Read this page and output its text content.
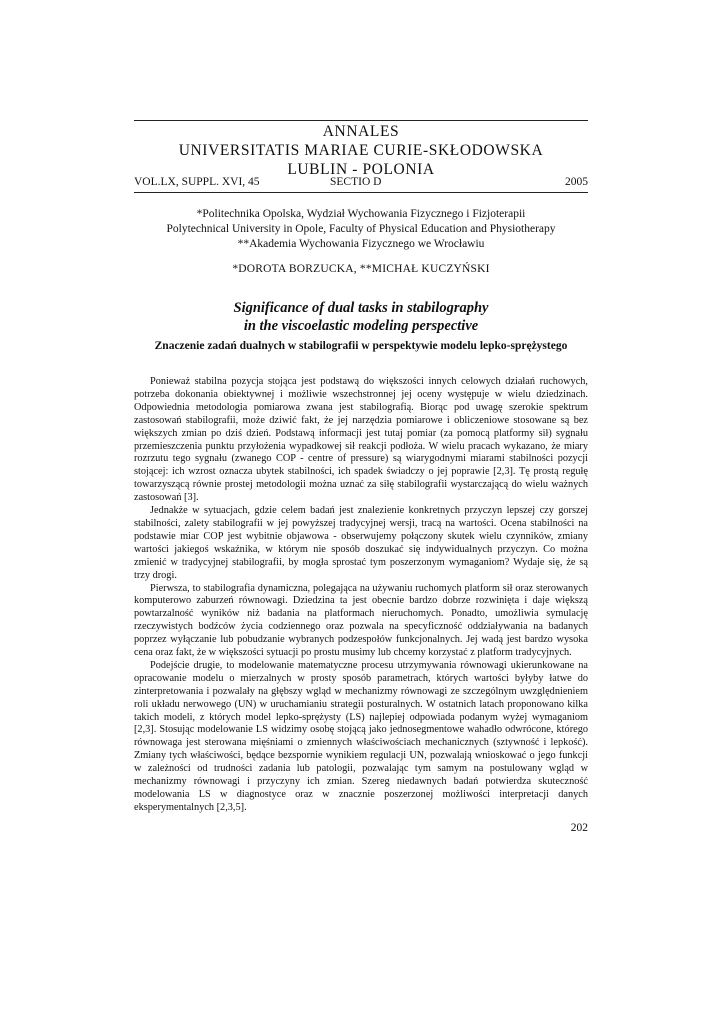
ANNALES

UNIVERSITATIS MARIAE CURIE-SKŁODOWSKA

LUBLIN - POLONIA

VOL.LX, SUPPL. XVI, 45	SECTIO D	2005
*Politechnika Opolska, Wydział Wychowania Fizycznego i Fizjoterapii
Polytechnical University in Opole, Faculty of Physical Education and Physiotherapy
**Akademia Wychowania Fizycznego we Wrocławiu
*DOROTA BORZUCKA, **MICHAŁ KUCZYŃSKI
Significance of dual tasks in stabilography
in the viscoelastic modeling perspective
Znaczenie zadań dualnych w stabilografii w perspektywie modelu lepko-sprężystego

Ponieważ stabilna pozycja stojąca jest podstawą do większości innych celowych działań ruchowych, potrzeba dokonania obiektywnej i możliwie wszechstronnej jej oceny występuje w wielu dziedzinach. Odpowiednia metodologia pomiarowa zwana jest stabilografią. Biorąc pod uwagę szerokie spektrum zastosowań stabilografii, może dziwić fakt, że jej narzędzia pomiarowe i obliczeniowe stosowane są bez większych zmian po dziś dzień. Podstawą informacji jest tutaj pomiar (za pomocą platformy sił) sygnału przemieszczenia punktu przyłożenia wypadkowej sił reakcji podłoża. W wielu pracach wykazano, że miary rozrzutu tego sygnału (zwanego COP - centre of pressure) są wiarygodnymi miarami stabilności pozycji stojącej: ich wzrost oznacza ubytek stabilności, ich spadek świadczy o jej poprawie [2,3]. Tę prostą regułę towarzyszącą równie prostej metodologii można uznać za siłę stabilografii wystarczającą do wielu ważnych zastosowań [3].

Jednakże w sytuacjach, gdzie celem badań jest znalezienie konkretnych przyczyn lepszej czy gorszej stabilności, zalety stabilografii w jej powyższej tradycyjnej wersji, tracą na wartości. Ocena stabilności na podstawie miar COP jest wybitnie objawowa - obserwujemy połączony skutek wielu czynników, zmiany wartości jakiegoś wskaźnika, w którym nie sposób doszukać się indywidualnych przyczyn. Co można zmienić w tradycyjnej stabilografii, by mogła sprostać tym poszerzonym wymaganiom? Wydaje się, że są trzy drogi.

Pierwsza, to stabilografia dynamiczna, polegająca na używaniu ruchomych platform sił oraz sterowanych komputerowo zaburzeń równowagi. Dziedzina ta jest obecnie bardzo dobrze rozwinięta i daje większą powtarzalność wyników niż badania na platformach nieruchomych. Ponadto, umożliwia symulację rzeczywistych bodźców życia codziennego oraz pozwala na specyficzność oddziaływania na badanych poprzez wyłączanie lub pobudzanie wybranych podzespołów funkcjonalnych. Jej wadą jest bardzo wysoka cena oraz fakt, że w większości sytuacji po prostu musimy lub chcemy korzystać z platform tradycyjnych.

Podejście drugie, to modelowanie matematyczne procesu utrzymywania równowagi ukierunkowane na opracowanie modelu o mierzalnych w prosty sposób parametrach, których wartości byłyby łatwe do zinterpretowania i pozwalały na głębszy wgląd w mechanizmy równowagi ze szczególnym uwzględnieniem roli układu nerwowego (UN) w uruchamianiu strategii posturalnych. W ostatnich latach proponowano kilka takich modeli, z których model lepko-sprężysty (LS) najlepiej odpowiada podanym wyżej wymaganiom [2,3]. Stosując modelowanie LS widzimy osobę stojącą jako jednosegmentowe wahadło odwrócone, którego równowaga jest sterowana mięśniami o zmiennych właściwościach mechanicznych (sztywność i lepkość). Zmiany tych właściwości, będące bezspornie wynikiem regulacji UN, pozwalają wnioskować o jego funkcji w zależności od trudności zadania lub patologii, pozwalając tym samym na postulowany wgląd w mechanizmy równowagi i przyczyny ich zmian. Szereg niedawnych badań potwierdza skuteczność modelowania LS w diagnostyce oraz w znacznie poszerzonej możliwości interpretacji danych eksperymentalnych [2,3,5].

202
